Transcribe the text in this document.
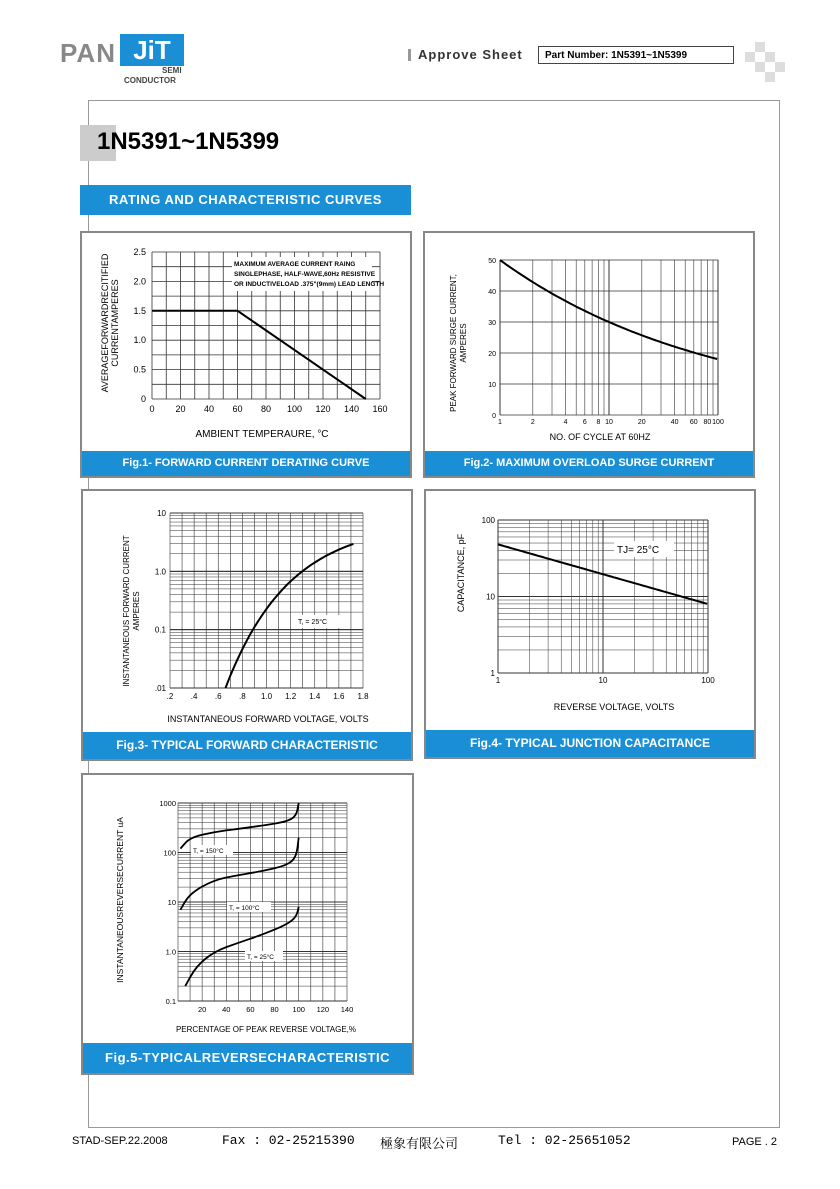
PAN JiT
SEMI
CONDUCTOR
Approve Sheet	Part Number: 1N5391~1N5399
1N5391~1N5399
RATING AND CHARACTERISTIC CURVES
MAXIMUM AVERAGE CURRENT RAING
SINGLEPHASE, HALF-WAVE,60Hz RESISTIVE
OR INDUCTIVELOAD .375"(9mm) LEAD LENGTH
0 20 40 60 80 100 120 140 160
0
0.5
1.0
1.5
2.0
2.5
AMBIENT TEMPERAURE, °C
AVERAGEFORWARDRECITIFIED CURRENTAMPERES
Fig.1- FORWARD CURRENT DERATING CURVE
1	2	4 6 8 10	20	40 60 80 100
0
10
20
30
40
50
NO. OF CYCLE AT 60HZ
PEAK FORWARD SURGE CURRENT, AMPERES
Fig.2- MAXIMUM OVERLOAD SURGE CURRENT
T, = 25°C
.2 .4 .6 .8 1.0 1.2 1.4 1.6 1.8
.01
0.1
1.0
10
INSTANTANEOUS FORWARD VOLTAGE, VOLTS
INSTANTANEOUS FORWARD CURRENT AMPERES
Fig.3- TYPICAL FORWARD CHARACTERISTIC
TJ= 25°C
1	10	100
1
10
100
REVERSE VOLTAGE, VOLTS
CAPACITANCE, pF
Fig.4- TYPICAL JUNCTION CAPACITANCE
T, = 150°C
T, = 100°C
T, = 25°C
20 40 60 80 100 120 140
0.1
1.0
10
100
1000
PERCENTAGE OF PEAK REVERSE VOLTAGE,%
INSTANTANEOUSREVERSECURRENT uA
Fig.5-TYPICALREVERSECHARACTERISTIC
STAD-SEP.22.2008	Fax : 02-25215390 極象有限公司	Tel : 02-25651052	PAGE . 2
